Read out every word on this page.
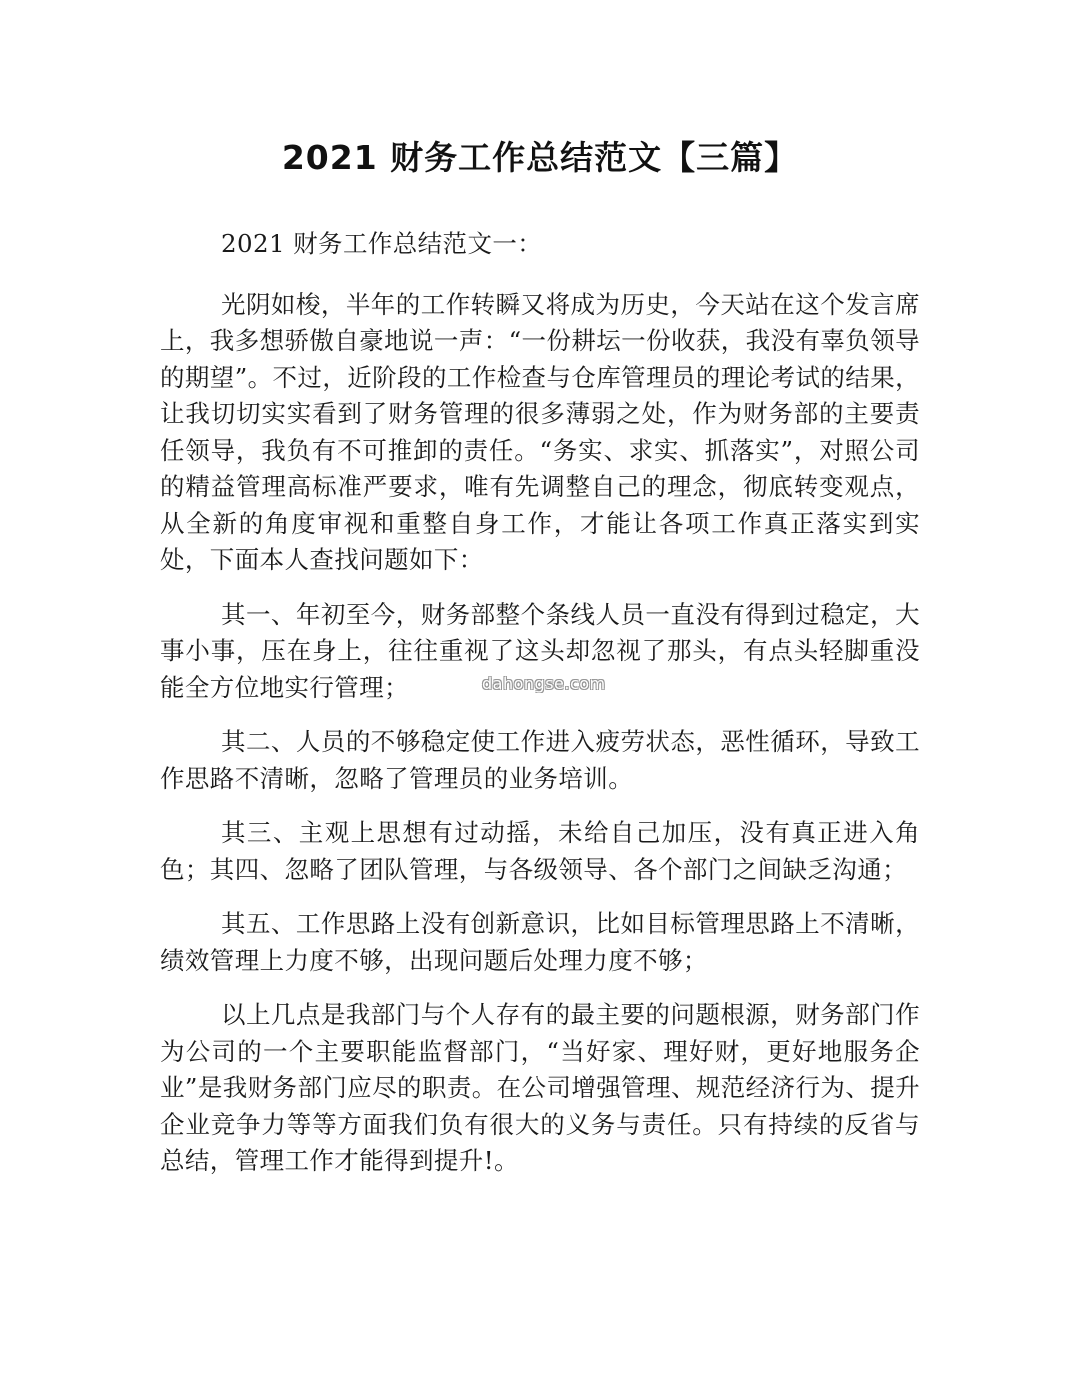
2021 财务工作总结范文【三篇】

2021 财务工作总结范文一：

光阴如梭，半年的工作转瞬又将成为历史，今天站在这个发言席上，我多想骄傲自豪地说一声：“一份耕坛一份收获，我没有辜负领导的期望”。不过，近阶段的工作检查与仓库管理员的理论考试的结果，让我切切实实看到了财务管理的很多薄弱之处，作为财务部的主要责任领导，我负有不可推卸的责任。“务实、求实、抓落实”，对照公司的精益管理高标准严要求，唯有先调整自己的理念，彻底转变观点，从全新的角度审视和重整自身工作，才能让各项工作真正落实到实处，下面本人查找问题如下：

其一、年初至今，财务部整个条线人员一直没有得到过稳定，大事小事，压在身上，往往重视了这头却忽视了那头，有点头轻脚重没能全方位地实行管理；

其二、人员的不够稳定使工作进入疲劳状态，恶性循环，导致工作思路不清晰，忽略了管理员的业务培训。

其三、主观上思想有过动摇，未给自己加压，没有真正进入角色；其四、忽略了团队管理，与各级领导、各个部门之间缺乏沟通；

其五、工作思路上没有创新意识，比如目标管理思路上不清晰，绩效管理上力度不够，出现问题后处理力度不够；

以上几点是我部门与个人存有的最主要的问题根源，财务部门作为公司的一个主要职能监督部门，“当好家、理好财，更好地服务企业”是我财务部门应尽的职责。在公司增强管理、规范经济行为、提升企业竞争力等等方面我们负有很大的义务与责任。只有持续的反省与总结，管理工作才能得到提升!。

dahongse.com
